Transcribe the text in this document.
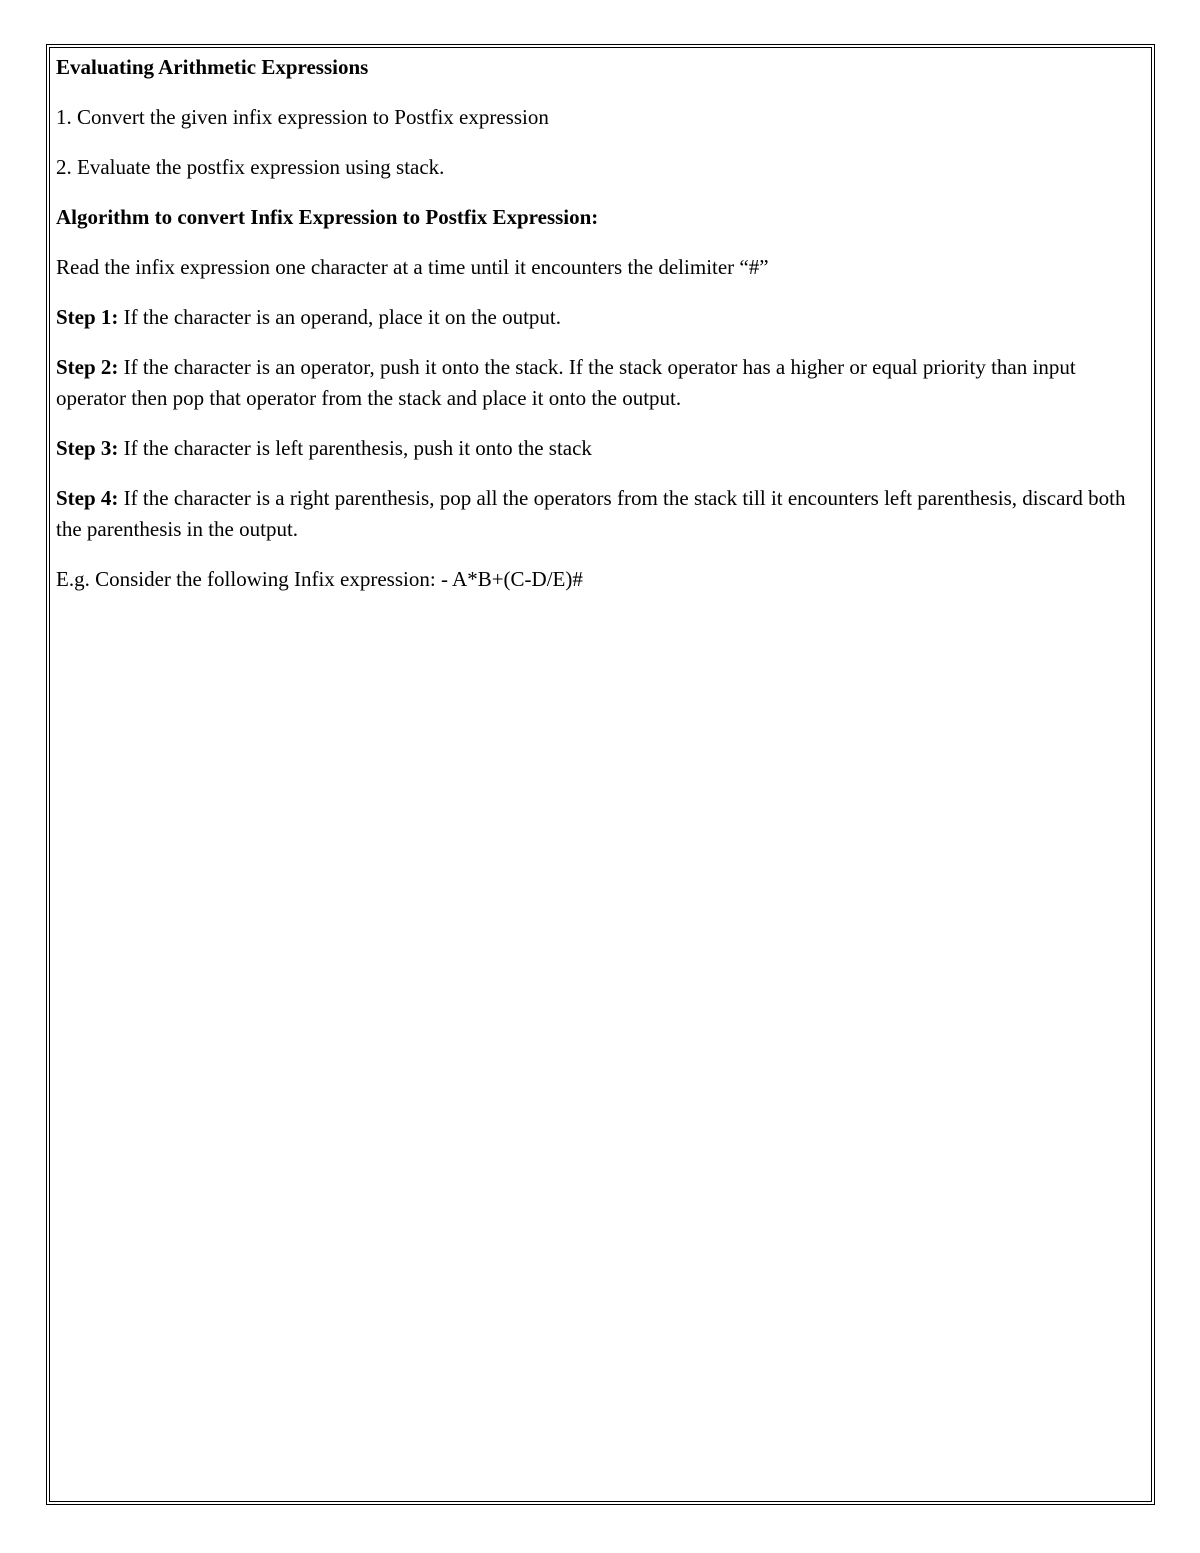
Evaluating Arithmetic Expressions

1. Convert the given infix expression to Postfix expression

2. Evaluate the postfix expression using stack.

Algorithm to convert Infix Expression to Postfix Expression:

Read the infix expression one character at a time until it encounters the delimiter “#”

Step 1: If the character is an operand, place it on the output.

Step 2: If the character is an operator, push it onto the stack. If the stack operator has a higher or equal priority than input operator then pop that operator from the stack and place it onto the output.

Step 3: If the character is left parenthesis, push it onto the stack

Step 4: If the character is a right parenthesis, pop all the operators from the stack till it encounters left parenthesis, discard both the parenthesis in the output.

E.g. Consider the following Infix expression: - A*B+(C-D/E)#
